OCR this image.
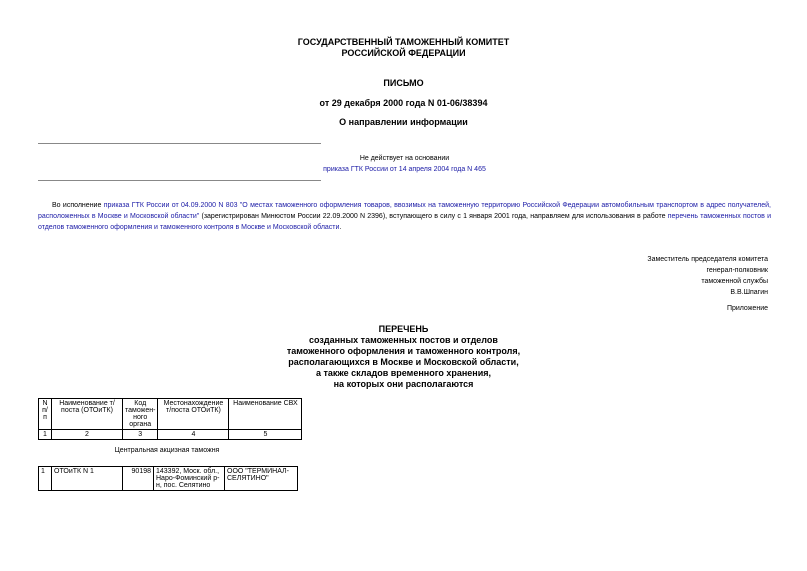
ГОСУДАРСТВЕННЫЙ ТАМОЖЕННЫЙ КОМИТЕТ
РОССИЙСКОЙ ФЕДЕРАЦИИ
ПИСЬМО
от 29 декабря 2000 года N 01-06/38394
О направлении информации
Не действует на основании
приказа ГТК России от 14 апреля 2004 года N 465
Во исполнение приказа ГТК России от 04.09.2000 N 803 "О местах таможенного оформления товаров, ввозимых на таможенную территорию Российской Федерации автомобильным транспортом в адрес получателей, расположенных в Москве и Московской области" (зарегистрирован Минюстом России 22.09.2000 N 2396), вступающего в силу с 1 января 2001 года, направляем для использования в работе перечень таможенных постов и отделов таможенного оформления и таможенного контроля в Москве и Московской области.
Заместитель председателя комитета
генерал-полковник
таможенной службы
В.В.Шпагин
Приложение
ПЕРЕЧЕНЬ
созданных таможенных постов и отделов
таможенного оформления и таможенного контроля,
располагающихся в Москве и Московской области,
а также складов временного хранения,
на которых они располагаются
N п/п	Наименование т/поста (ОТОиТК)	Код таможен- ного органа	Местонахождение т/поста ОТОиТК)	Наименование СВХ
1	2	3	4	5
Центральная акцизная таможня
1	ОТОиТК N 1	90198	143392, Моск. обл., Наро-Фоминский р-н, пос. Селятино	ООО "ТЕРМИНАЛ-СЕЛЯТИНО"
